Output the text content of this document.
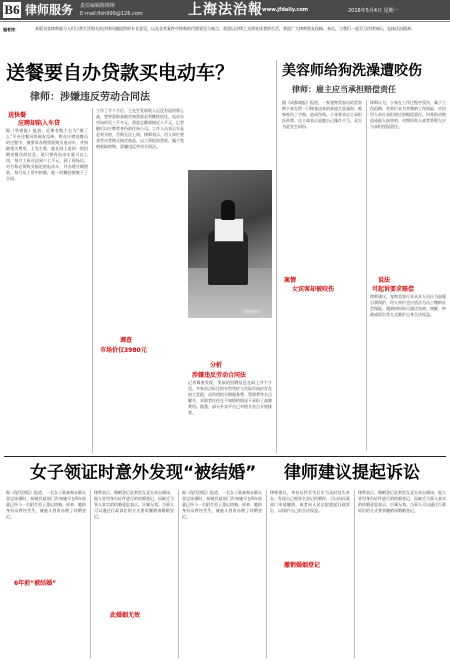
B6 律师服务 责任编辑 陈斯斯
E-mail:lfsh999@126.com	上海法治報 www.jfdaily.com	2018年5月4日 星期一
编者按：	本版刊登律师就与人们日常生活相关的法律问题提供的专业意见，以及各类案件中律师的代理意见与观点。希望以法律之光照亮读者的生活，欢迎广大律师朋友投稿、来信，与我们一起学习法律知识，弘扬法治精神。
送餐要自办贷款买电动车？
律师：涉嫌违反劳动合同法
送快餐
应聘却陷入车贷
据《华商报》报道，近期有数个名为“饿了么”平台送餐员的网友反映，称在应聘送餐员的过程中，被要求办理贷款购买电动车，并扣除相关费用。王先生称，他在网上看到一则招聘送餐员的信息，说只要有电动车就可以上岗，每月工资可达到六七千元。到了现场后，对方称必须购买指定的电动车，并办理分期贷款，每月从工资中扣除，他一时糊涂便签下了合同。
工作了半个月后，王先生发现收入远没有说的那么高，想要辞职却被告知贷款必须继续偿还，电动车市场价仅三千多元，贷款总额却接近八千元。记者随后以应聘者身份前往该公司，工作人员表示车是必须买的，否则无法上岗。律师表示，用人单位要求劳动者购买指定商品、以工资抵扣贷款，属于变相收取财物，涉嫌违反劳动合同法。
资料图片
调查
市场价仅3980元
分析
涉嫌违反劳动合同法
记者调查发现，类似的招聘信息在网上并不少见，多家站点标注的车型售价与实际市场价存在较大差距，而所谓的分期服务费、管理费等名目繁多，求职者往往在不知情的情况下承担了高额费用。据悉，部分外卖平台已对相关站点开展排查。
美容师给狗洗澡遭咬伤
律师：雇主应当承担赔偿责任
案情
女宾客却被咬伤
据《成都商报》报道，一家宠物美容店的美容师小张在给一只顾客送来的泰迪犬洗澡时，被狗咬伤了手指，造成伤残。小张要求店主承担医药费，店主却表示是她自己操作不当，双方为此发生纠纷。
律师认为，小张在工作过程中受伤，属于工伤范畴，若单位未为其缴纳工伤保险，应由用人单位承担相应的赔偿责任。饲养的动物造成他人损害的，动物饲养人或者管理人应当承担侵权责任。
说法
可起诉要求赔偿
律师建议，宠物美容行业从业人员应当加强自我保护，用人单位也应依法为员工缴纳社会保险，遇到纠纷时可通过协商、调解、仲裁或诉讼等方式维护自身合法权益。
女子领证时意外发现“被结婚” 律师建议提起诉讼
据《现代快报》报道，一名女子准备和未婚夫登记结婚时，却被民政部门告知她早在6年前就已经与一名陌生男子登记结婚。原来，她的身份证曾经丢失，被他人冒用办理了结婚登记。
6年前“被结婚”
律师表示，婚姻登记必须男女双方亲自到场，他人冒用身份证件进行的结婚登记，因缺乏当事人真实的结婚意思表示，应属无效。当事人可以通过行政诉讼的方式要求撤销该婚姻登记。
此婚姻无效
据《现代快报》报道，一名女子准备和未婚夫登记结婚时，却被民政部门告知她早在6年前就已经与一名陌生男子登记结婚。原来，她的身份证曾经丢失，被他人冒用办理了结婚登记。
律师建议，身份证件丢失后应当及时挂失补办，发现自己被冒名登记结婚时，可以向民政部门申请撤销，或者向人民法院提起行政诉讼，以保护自己的合法权益。
撤销婚姻登记
律师表示，婚姻登记必须男女双方亲自到场，他人冒用身份证件进行的结婚登记，因缺乏当事人真实的结婚意思表示，应属无效。当事人可以通过行政诉讼的方式要求撤销该婚姻登记。
